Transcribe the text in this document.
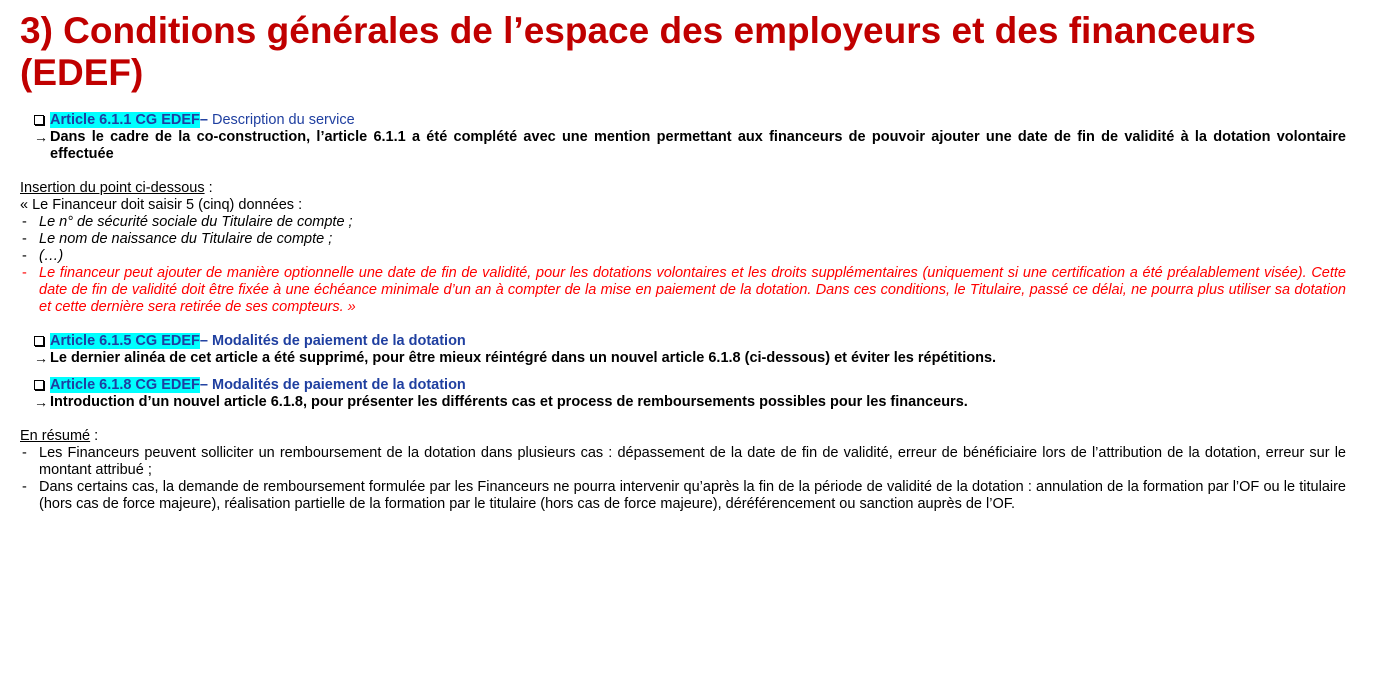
3) Conditions générales de l’espace des employeurs et des financeurs (EDEF)
Article 6.1.1 CG EDEF– Description du service
→ Dans le cadre de la co-construction, l’article 6.1.1 a été complété avec une mention permettant aux financeurs de pouvoir ajouter une date de fin de validité à la dotation volontaire effectuée
Insertion du point ci-dessous :
« Le Financeur doit saisir 5 (cinq) données :
- Le n° de sécurité sociale du Titulaire de compte ;
- Le nom de naissance du Titulaire de compte ;
- (…)
- Le financeur peut ajouter de manière optionnelle une date de fin de validité, pour les dotations volontaires et les droits supplémentaires (uniquement si une certification a été préalablement visée). Cette date de fin de validité doit être fixée à une échéance minimale d’un an à compter de la mise en paiement de la dotation. Dans ces conditions, le Titulaire, passé ce délai, ne pourra plus utiliser sa dotation et cette dernière sera retirée de ses compteurs. »
Article 6.1.5 CG EDEF– Modalités de paiement de la dotation
→ Le dernier alinéa de cet article a été supprimé, pour être mieux réintégré dans un nouvel article 6.1.8 (ci-dessous) et éviter les répétitions.
Article 6.1.8 CG EDEF– Modalités de paiement de la dotation
→ Introduction d’un nouvel article 6.1.8, pour présenter les différents cas et process de remboursements possibles pour les financeurs.
En résumé :
- Les Financeurs peuvent solliciter un remboursement de la dotation dans plusieurs cas : dépassement de la date de fin de validité, erreur de bénéficiaire lors de l’attribution de la dotation, erreur sur le montant attribué ;
- Dans certains cas, la demande de remboursement formulée par les Financeurs ne pourra intervenir qu’après la fin de la période de validité de la dotation : annulation de la formation par l’OF ou le titulaire (hors cas de force majeure), réalisation partielle de la formation par le titulaire (hors cas de force majeure), déréférencement ou sanction auprès de l’OF.
